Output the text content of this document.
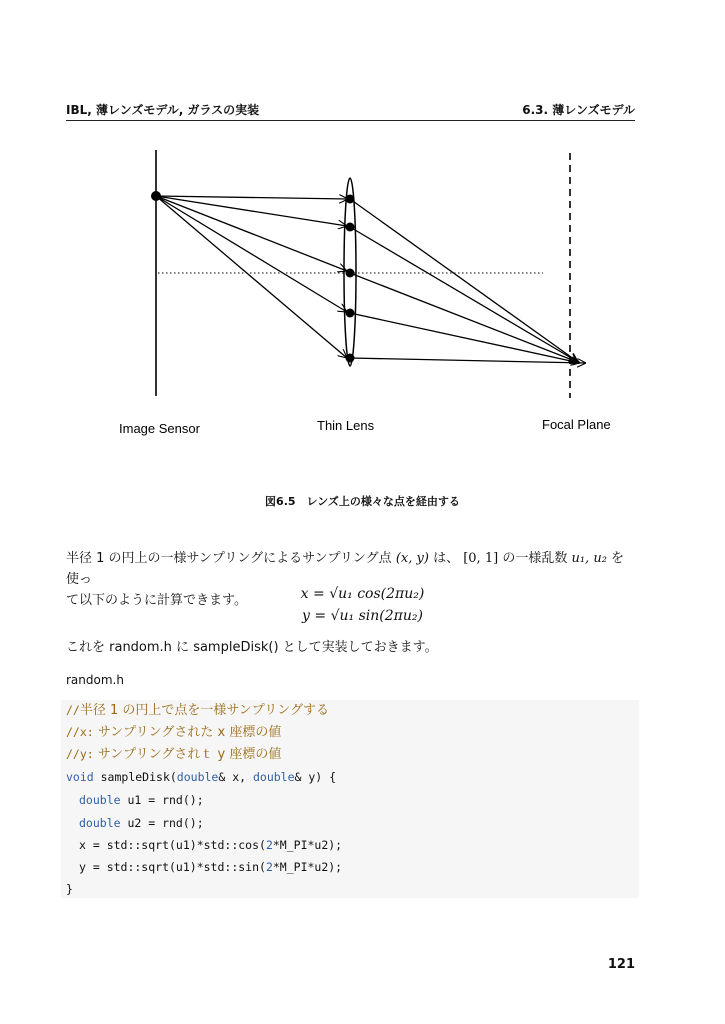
IBL, 薄レンズモデル, ガラスの実装	6.3. 薄レンズモデル
Image Sensor	Thin Lens	Focal Plane
図6.5　レンズ上の様々な点を経由する
半径 1 の円上の一様サンプリングによるサンプリング点 (x, y) は、 [0, 1] の一様乱数 u₁, u₂ を使っ
て以下のように計算できます。	x = √u₁ cos(2πu₂)
y = √u₁ sin(2πu₂)
これを random.h に sampleDisk() として実装しておきます。
random.h
//半径 1 の円上で点を一様サンプリングする
//x: サンプリングされた x 座標の値
//y: サンプリングされｔ y 座標の値
void sampleDisk(double& x, double& y) {
double u1 = rnd();
double u2 = rnd();
x = std::sqrt(u1)*std::cos(2*M_PI*u2);
y = std::sqrt(u1)*std::sin(2*M_PI*u2);
}
121
